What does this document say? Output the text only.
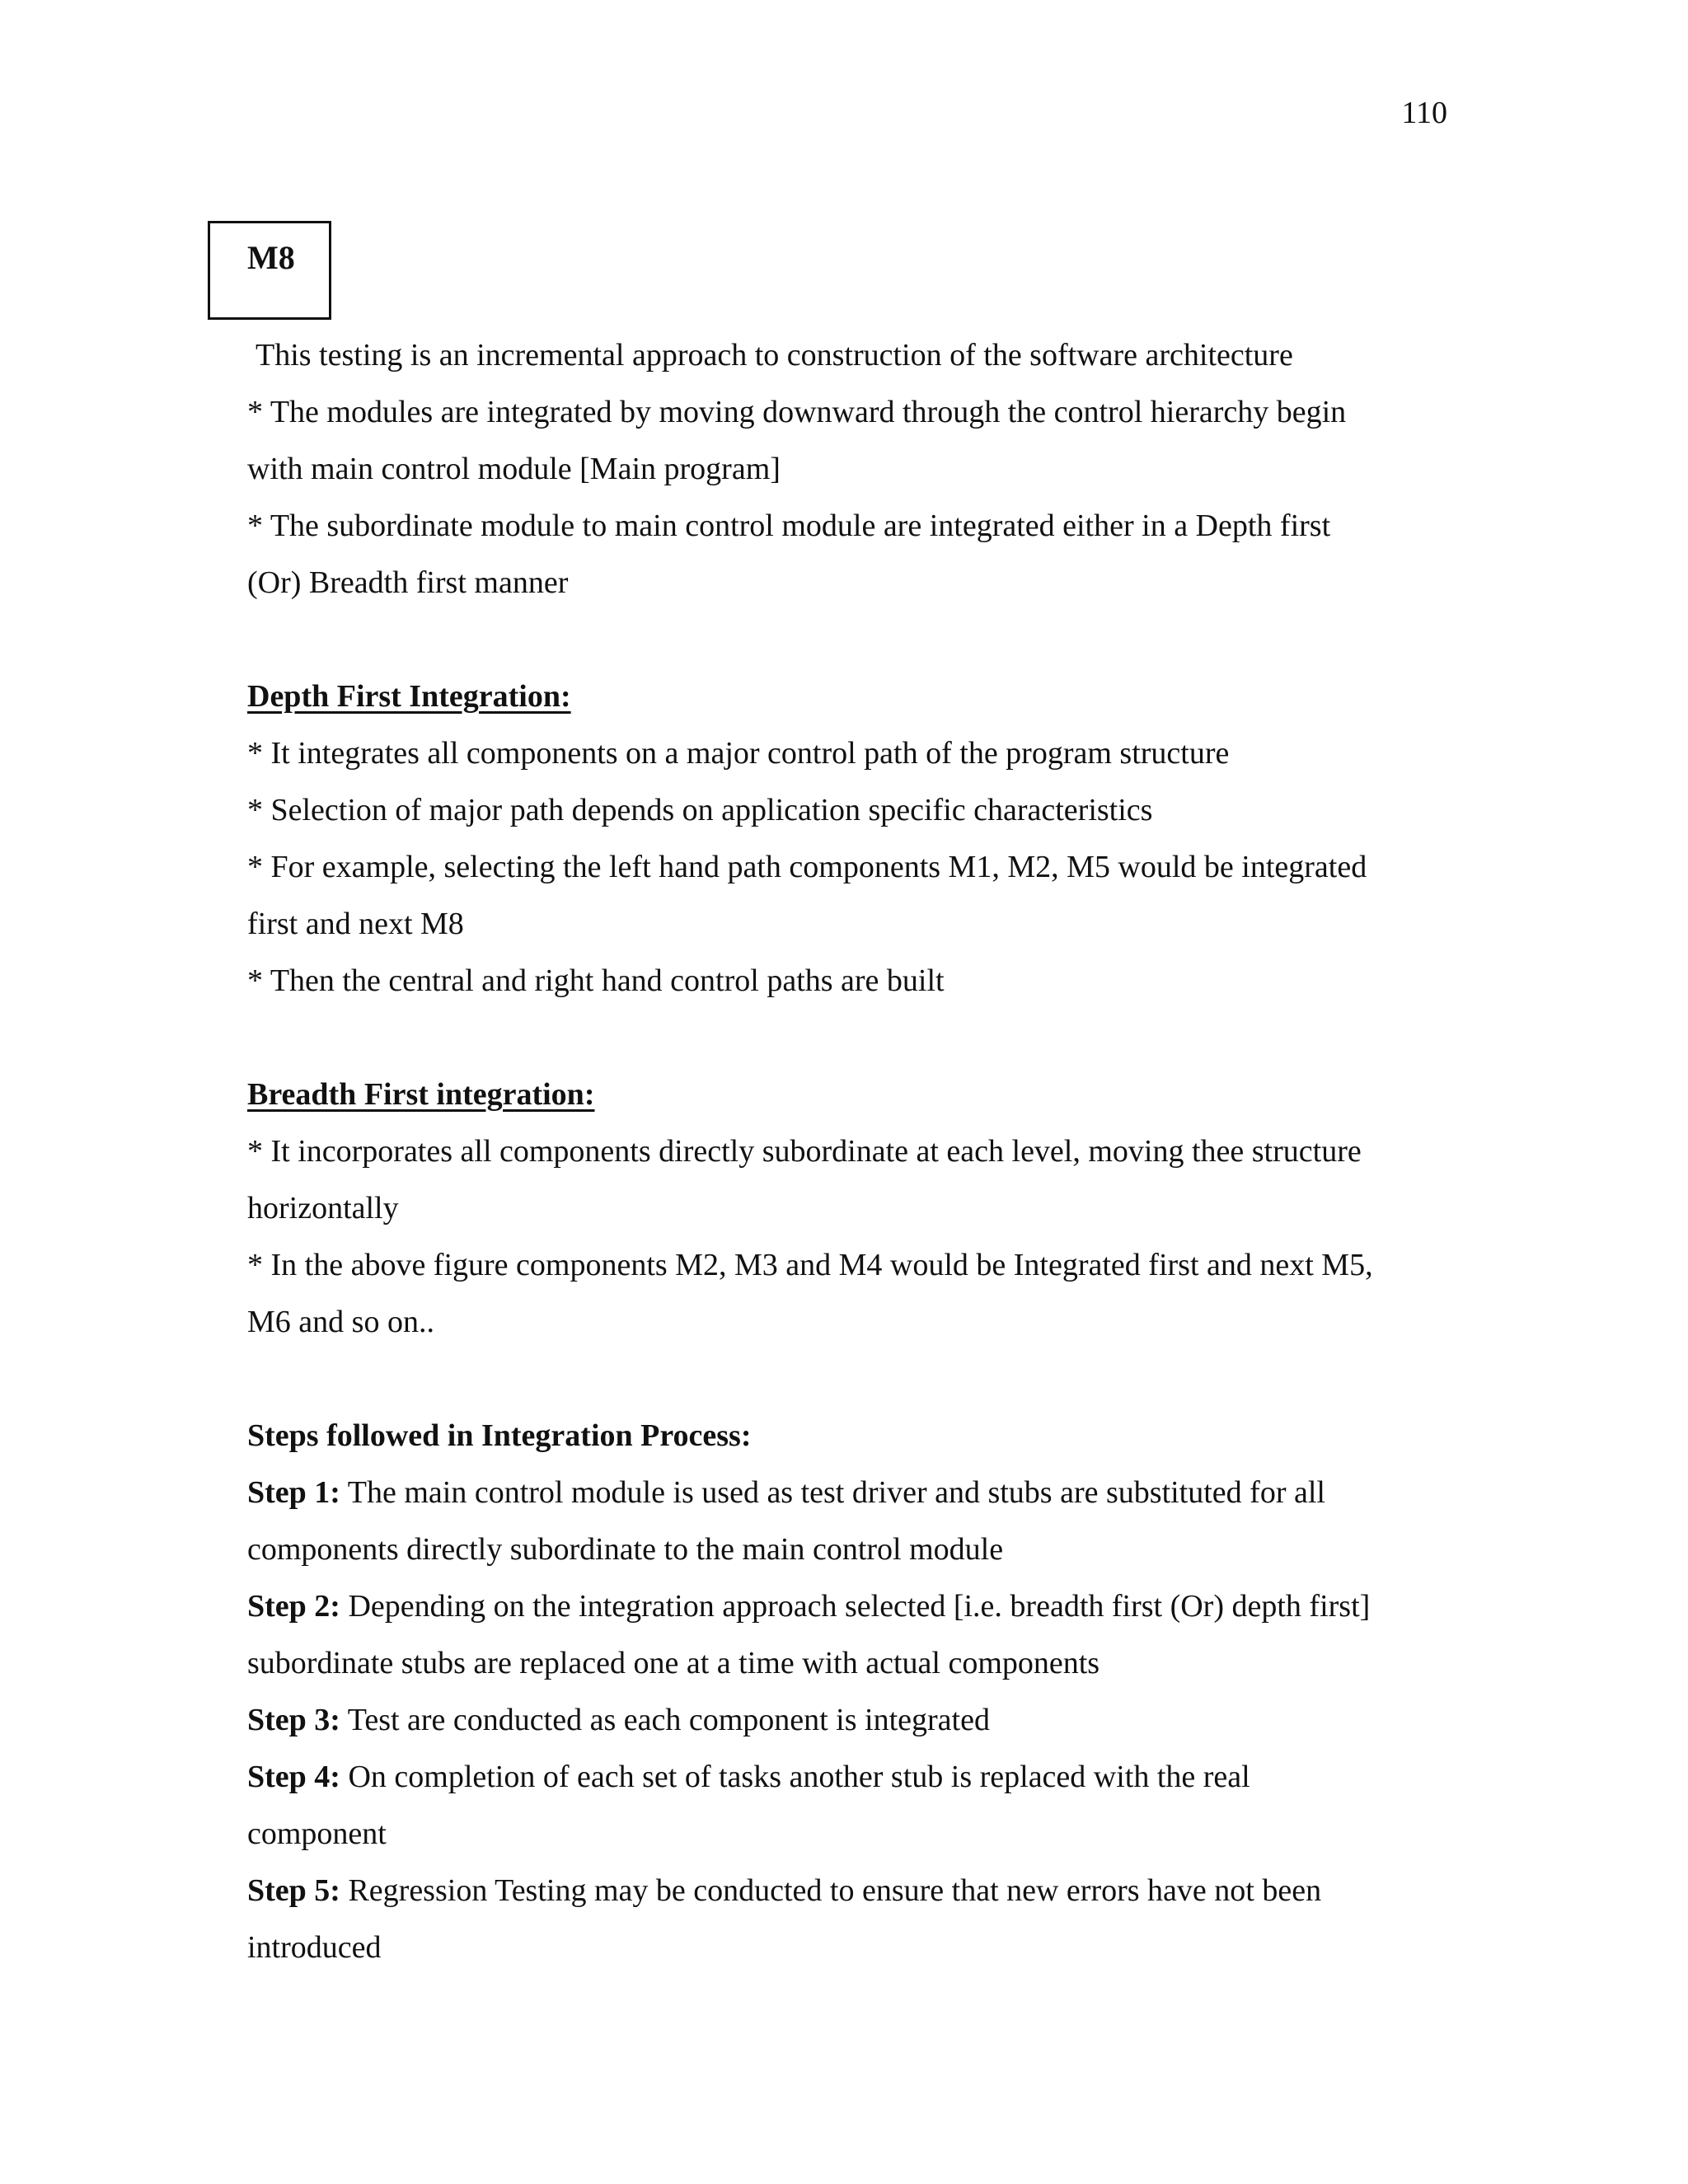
110
M8
This testing is an incremental approach to construction of the software architecture
* The modules are integrated by moving downward through the control hierarchy begin
with main control module [Main program]
* The subordinate module to main control module are integrated either in a Depth first
(Or) Breadth first manner
Depth First Integration:
* It integrates all components on a major control path of the program structure
* Selection of major path depends on application specific characteristics
* For example, selecting the left hand path components M1, M2, M5 would be integrated
first and next M8
* Then the central and right hand control paths are built
Breadth First integration:
* It incorporates all components directly subordinate at each level, moving thee structure
horizontally
* In the above figure components M2, M3 and M4 would be Integrated first and next M5,
M6 and so on..
Steps followed in Integration Process:
Step 1: The main control module is used as test driver and stubs are substituted for all
components directly subordinate to the main control module
Step 2: Depending on the integration approach selected [i.e. breadth first (Or) depth first]
subordinate stubs are replaced one at a time with actual components
Step 3: Test are conducted as each component is integrated
Step 4: On completion of each set of tasks another stub is replaced with the real
component
Step 5: Regression Testing may be conducted to ensure that new errors have not been
introduced
